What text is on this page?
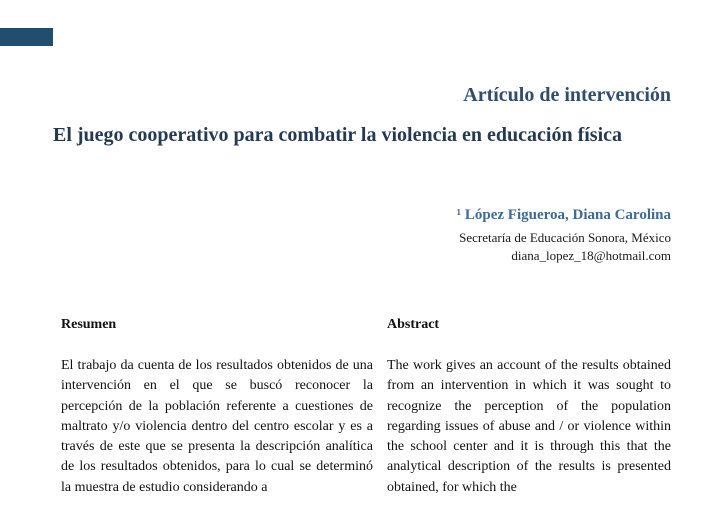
Artículo de intervención
El juego cooperativo para combatir la violencia en educación física
¹ López Figueroa, Diana Carolina
Secretaría de Educación Sonora, México
diana_lopez_18@hotmail.com
Resumen

El trabajo da cuenta de los resultados obtenidos de una intervención en el que se buscó reconocer la percepción de la población referente a cuestiones de maltrato y/o violencia dentro del centro escolar y es a través de este que se presenta la descripción analítica de los resultados obtenidos, para lo cual se determinó la muestra de estudio considerando a

Abstract

The work gives an account of the results obtained from an intervention in which it was sought to recognize the perception of the population regarding issues of abuse and / or violence within the school center and it is through this that the analytical description of the results is presented obtained, for which the
